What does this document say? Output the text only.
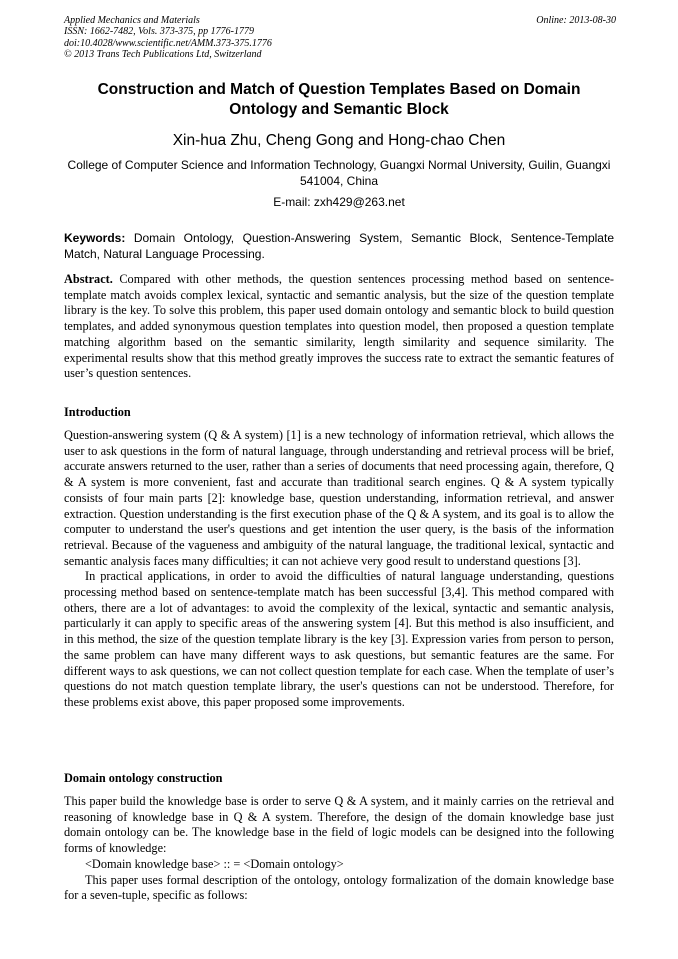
Applied Mechanics and Materials
ISSN: 1662-7482, Vols. 373-375, pp 1776-1779
doi:10.4028/www.scientific.net/AMM.373-375.1776
© 2013 Trans Tech Publications Ltd, Switzerland
Online: 2013-08-30
Construction and Match of Question Templates Based on Domain Ontology and Semantic Block
Xin-hua Zhu, Cheng Gong and Hong-chao Chen
College of Computer Science and Information Technology, Guangxi Normal University, Guilin, Guangxi 541004, China
E-mail: zxh429@263.net
Keywords: Domain Ontology, Question-Answering System, Semantic Block, Sentence-Template Match, Natural Language Processing.
Abstract. Compared with other methods, the question sentences processing method based on sentence-template match avoids complex lexical, syntactic and semantic analysis, but the size of the question template library is the key. To solve this problem, this paper used domain ontology and semantic block to build question templates, and added synonymous question templates into question model, then proposed a question template matching algorithm based on the semantic similarity, length similarity and sequence similarity. The experimental results show that this method greatly improves the success rate to extract the semantic features of user’s question sentences.
Introduction

Question-answering system (Q & A system) [1] is a new technology of information retrieval, which allows the user to ask questions in the form of natural language, through understanding and retrieval process will be brief, accurate answers returned to the user, rather than a series of documents that need processing again, therefore, Q & A system is more convenient, fast and accurate than traditional search engines. Q & A system typically consists of four main parts [2]: knowledge base, question understanding, information retrieval, and answer extraction. Question understanding is the first execution phase of the Q & A system, and its goal is to allow the computer to understand the user's questions and get intention the user query, is the basis of the information retrieval. Because of the vagueness and ambiguity of the natural language, the traditional lexical, syntactic and semantic analysis faces many difficulties; it can not achieve very good result to understand questions [3].

In practical applications, in order to avoid the difficulties of natural language understanding, questions processing method based on sentence-template match has been successful [3,4]. This method compared with others, there are a lot of advantages: to avoid the complexity of the lexical, syntactic and semantic analysis, particularly it can apply to specific areas of the answering system [4]. But this method is also insufficient, and in this method, the size of the question template library is the key [3]. Expression varies from person to person, the same problem can have many different ways to ask questions, but semantic features are the same. For different ways to ask questions, we can not collect question template for each case. When the template of user’s questions do not match question template library, the user's questions can not be understood. Therefore, for these problems exist above, this paper proposed some improvements.

Domain ontology construction

This paper build the knowledge base is order to serve Q & A system, and it mainly carries on the retrieval and reasoning of knowledge base in Q & A system. Therefore, the design of the domain knowledge base just domain ontology can be. The knowledge base in the field of logic models can be designed into the following forms of knowledge:

<Domain knowledge base> :: = <Domain ontology>

This paper uses formal description of the ontology, ontology formalization of the domain knowledge base for a seven-tuple, specific as follows:
